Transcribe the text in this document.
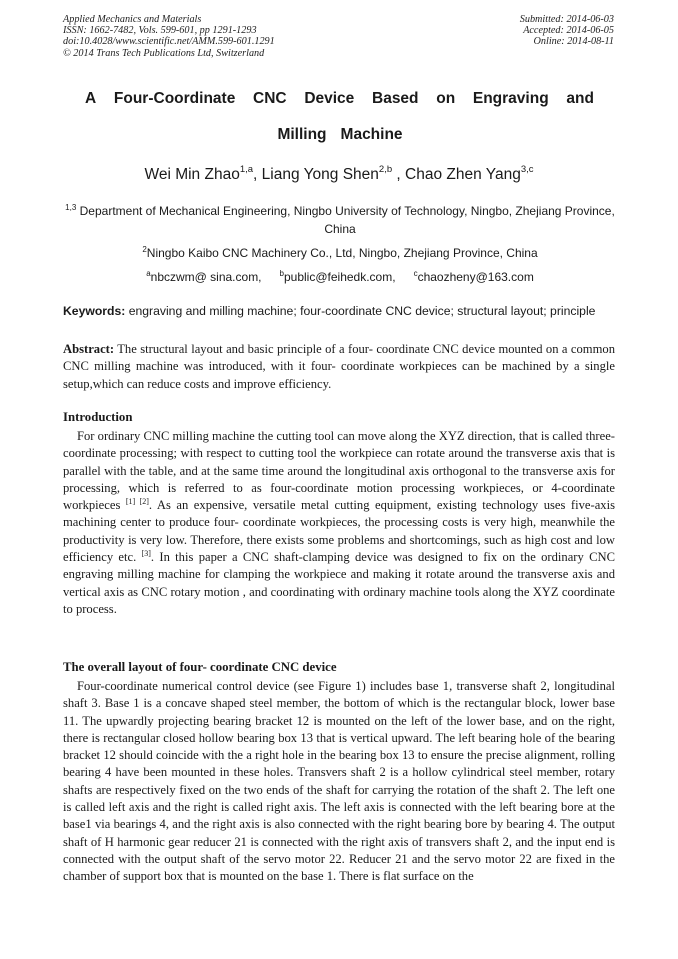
Applied Mechanics and Materials
ISSN: 1662-7482, Vols. 599-601, pp 1291-1293
doi:10.4028/www.scientific.net/AMM.599-601.1291
© 2014 Trans Tech Publications Ltd, Switzerland
Submitted: 2014-06-03
Accepted: 2014-06-05
Online: 2014-08-11
A Four-Coordinate CNC Device Based on Engraving and
Milling Machine
Wei Min Zhao$^{1,a}$, Liang Yong Shen$^{2,b}$ , Chao Zhen Yang$^{3,c}$
$^{1,3}$ Department of Mechanical Engineering, Ningbo University of Technology, Ningbo, Zhejiang Province, China
$^2$Ningbo Kaibo CNC Machinery Co., Ltd, Ningbo, Zhejiang Province, China
$^a$nbczwm@ sina.com, $^b$public@feihedk.com, $^c$chaozheny@163.com
Keywords: engraving and milling machine; four-coordinate CNC device; structural layout; principle
Abstract: The structural layout and basic principle of a four- coordinate CNC device mounted on a common CNC milling machine was introduced, with it four- coordinate workpieces can be machined by a single setup,which can reduce costs and improve efficiency.
Introduction
For ordinary CNC milling machine the cutting tool can move along the XYZ direction, that is called three-coordinate processing; with respect to cutting tool the workpiece can rotate around the transverse axis that is parallel with the table, and at the same time around the longitudinal axis orthogonal to the transverse axis for processing, which is referred to as four-coordinate motion processing workpieces, or 4-coordinate workpieces [1] [2]. As an expensive, versatile metal cutting equipment, existing technology uses five-axis machining center to produce four- coordinate workpieces, the processing costs is very high, meanwhile the productivity is very low. Therefore, there exists some problems and shortcomings, such as high cost and low efficiency etc. [3]. In this paper a CNC shaft-clamping device was designed to fix on the ordinary CNC engraving milling machine for clamping the workpiece and making it rotate around the transverse axis and vertical axis as CNC rotary motion , and coordinating with ordinary machine tools along the XYZ coordinate to process.
The overall layout of four- coordinate CNC device
Four-coordinate numerical control device (see Figure 1) includes base 1, transverse shaft 2, longitudinal shaft 3. Base 1 is a concave shaped steel member, the bottom of which is the rectangular block, lower base 11. The upwardly projecting bearing bracket 12 is mounted on the left of the lower base, and on the right, there is rectangular closed hollow bearing box 13 that is vertical upward. The left bearing hole of the bearing bracket 12 should coincide with the a right hole in the bearing box 13 to ensure the precise alignment, rolling bearing 4 have been mounted in these holes. Transvers shaft 2 is a hollow cylindrical steel member, rotary shafts are respectively fixed on the two ends of the shaft for carrying the rotation of the shaft 2. The left one is called left axis and the right is called right axis. The left axis is connected with the left bearing bore at the base1 via bearings 4, and the right axis is also connected with the right bearing bore by bearing 4. The output shaft of H harmonic gear reducer 21 is connected with the right axis of transvers shaft 2, and the input end is connected with the output shaft of the servo motor 22. Reducer 21 and the servo motor 22 are fixed in the chamber of support box that is mounted on the base 1. There is flat surface on the
